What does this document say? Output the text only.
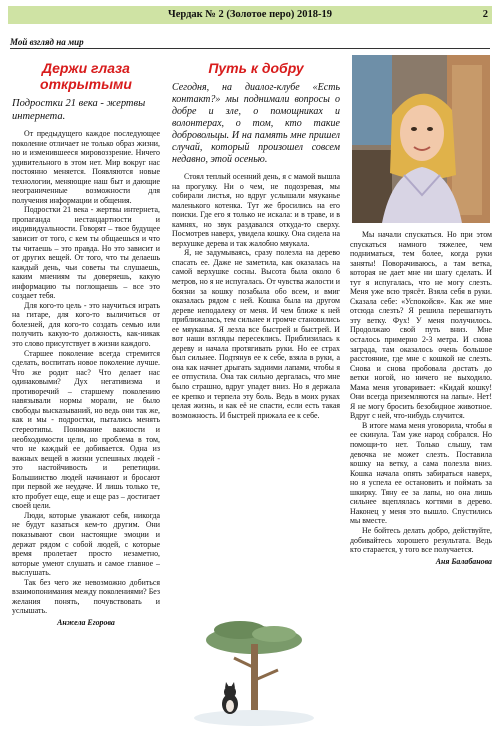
Чердак № 2 (Золотое перо) 2018-19	2
Мой взгляд на мир
Держи глаза открытыми
Подростки 21 века - жертвы интернета.

От предыдущего каждое последующее поколение отличает не только образ жизни, но и изменившееся мировоззрение. Ничего удивительного в этом нет. Мир вокруг нас постоянно меняется. Появляются новые технологии, меняющие наш быт и дающие неограниченные возможности для получения информации и общения.

Подростки 21 века - жертвы интернета, пропаганда нестандартности и индивидуальности. Говорят – твое будущее зависит от того, с кем ты общаешься и что ты читаешь – это правда. Но это зависит и от других вещей. От того, что ты делаешь каждый день, чьи советы ты слушаешь, каким мнениям ты доверяешь, какую информацию ты поглощаешь – все это создает тебя.

Для кого-то цель - это научиться играть на гитаре, для кого-то выличиться от болезней, для кого-то создать семью или получить какую-то должность, как-никак это слово присутствует в жизни каждого.

Старшее поколение всегда стремится сделать, воспитать новое поколение лучше. Что же родит нас? Что делает нас одинаковыми? Дух негативизма и противоречий – старшему поколению навязывали нормы морали, не было свободы высказываний, но ведь они так же, как и мы - подростки, пытались менять стереотипы. Понимание важности и необходимости цели, но проблема в том, что не каждый ее добивается. Одна из важных вещей в жизни успешных людей - это настойчивость и репетиции. Большинство людей начинают и бросают при первой же неудаче. И лишь только те, кто пробует еще, еще и еще раз – достигает своей цели.

Люди, которые уважают себя, никогда не будут казаться кем-то другим. Они показывают свои настоящие эмоции и держат рядом с собой людей, с которые время пролетает просто незаметно, которые умеют слушать и самое главное – выслушать.

Так без чего же невозможно добиться взаимопонимания между поколениями? Без желания понять, почувствовать и услышать.

Анжела Егорова
Путь к добру
Сегодня, на диалог-клубе «Есть контакт?» мы поднимали вопросы о добре и зле, о помощниках и волонтерах, о том, кто такие добровольцы. И на память мне пришел случай, который произошел совсем недавно, этой осенью.

Стоял теплый осенний день, я с мамой вышла на прогулку. Ни о чем, не подозревая, мы собирали листья, но вдруг услышали мяуканье маленького котенка. Тут же бросились на его поиски. Где его я только не искала: и в траве, и в камнях, но звук раздавался откуда-то сверху. Посмотрев наверх, увидела кошку. Она сидела на верхушке дерева и так жалобно мяукала.

Я, не задумываясь, сразу полезла на дерево спасать ее. Даже не заметила, как оказалась на самой верхушке сосны. Высота была около 6 метров, но я не испугалась. От чувства жалости и боязни за кошку позабыла обо всем, и вмиг оказалась рядом с ней. Кошка была на другом дереве неподалеку от меня. И чем ближе к ней приближалась, тем сильнее и громче становились ее мяуканья. Я лезла все быстрей и быстрей. И вот наши взгляды пересеклись. Приблизилась к дереву и начала протягивать руки. Но ее страх был сильнее. Подтянув ее к себе, взяла в руки, а она как начнет дрыгать задними лапами, чтобы я ее отпустила. Она так сильно дергалась, что мне было страшно, вдруг упадет вниз. Но я держала ее крепко и терпела эту боль. Ведь в моих руках целая жизнь, и как её не спасти, если есть такая возможность. И быстрей прижала ее к себе.

Мы начали спускаться. Но при этом спускаться намного тяжелее, чем подниматься, тем более, когда руки заняты! Поворачиваюсь, а там ветка, которая не дает мне ни шагу сделать. И тут я испугалась, что не могу слезть. Меня уже всю трясёт. Взяла себя в руки. Сказала себе: «Успокойся». Как же мне отсюда слезть? Я решила перешагнуть эту ветку. Фух! У меня получилось. Продолжаю свой путь вниз. Мне осталось примерно 2-3 метра. И снова заграда, там оказалось очень большое расстояние, где мне с кошкой не слезть. Снова и снова пробовала достать до ветки ногой, но ничего не выходило. Мама меня уговаривает: «Кидай кошку! Они всегда приземляются на лапы». Нет! Я не могу бросить безобидное животное. Вдруг с ней, что-нибудь случится.

В итоге мама меня уговорила, чтобы я ее скинула. Там уже народ собрался. Но помощи-то нет. Только слышу, там девочка не может слезть. Поставила кошку на ветку, а сама полезла вниз. Кошка начала опять забираться наверх, но я успела ее остановить и поймать за шкирку. Тяну ее за лапы, но она лишь сильнее вцеплялась когтями в дерево. Наконец у меня это вышло. Спустились мы вместе.

Не бойтесь делать добро, действуйте, добивайтесь хорошего результата. Ведь кто старается, у того все получается.

Аня Балабанова
